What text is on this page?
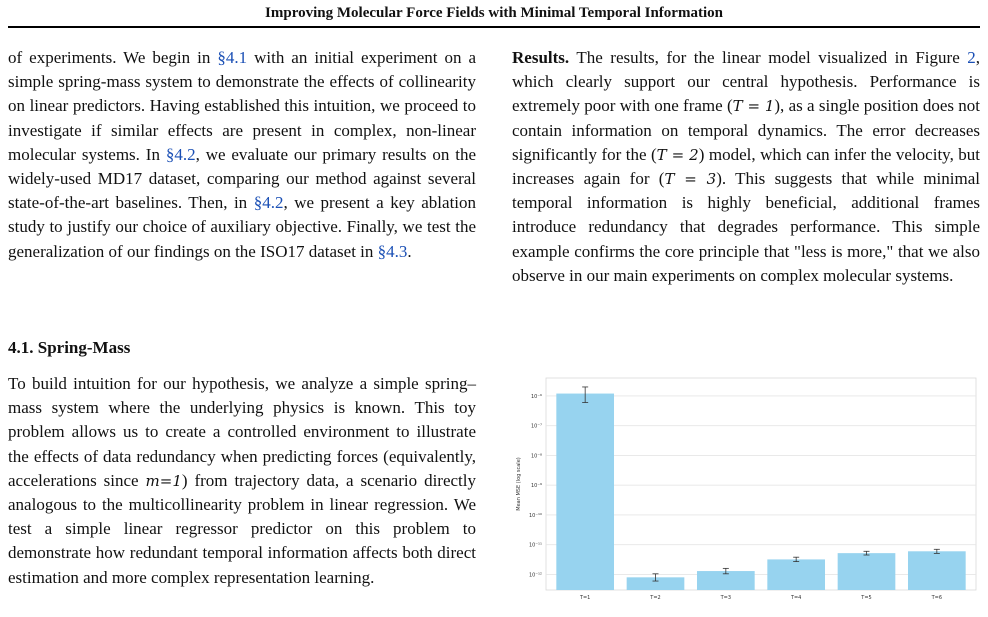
Improving Molecular Force Fields with Minimal Temporal Information

of experiments. We begin in §4.1 with an initial experiment on a simple spring-mass system to demonstrate the effects of collinearity on linear predictors. Having established this intuition, we proceed to investigate if similar effects are present in complex, non-linear molecular systems. In §4.2, we evaluate our primary results on the widely-used MD17 dataset, comparing our method against several state-of-the-art baselines. Then, in §4.2, we present a key ablation study to justify our choice of auxiliary objective. Finally, we test the generalization of our findings on the ISO17 dataset in §4.3.

4.1. Spring-Mass
To build intuition for our hypothesis, we analyze a simple spring–mass system where the underlying physics is known. This toy problem allows us to create a controlled environment to illustrate the effects of data redundancy when predicting forces (equivalently, accelerations since m=1) from trajectory data, a scenario directly analogous to the multicollinearity problem in linear regression. We test a simple linear regressor predictor on this problem to demonstrate how redundant temporal information affects both direct estimation and more complex representation learning.

Results. The results, for the linear model visualized in Figure 2, which clearly support our central hypothesis. Performance is extremely poor with one frame (T = 1), as a single position does not contain information on temporal dynamics. The error decreases significantly for the (T = 2) model, which can infer the velocity, but increases again for (T = 3). This suggests that while minimal temporal information is highly beneficial, additional frames introduce redundancy that degrades performance. This simple example confirms the core principle that "less is more," that we also observe in our main experiments on complex molecular systems.

10⁻⁶
10⁻⁷
10⁻⁸
10⁻⁹
10⁻¹⁰
10⁻¹¹
10⁻¹²
Mean MSE (log scale)
T=1	T=2	T=3	T=4	T=5	T=6
